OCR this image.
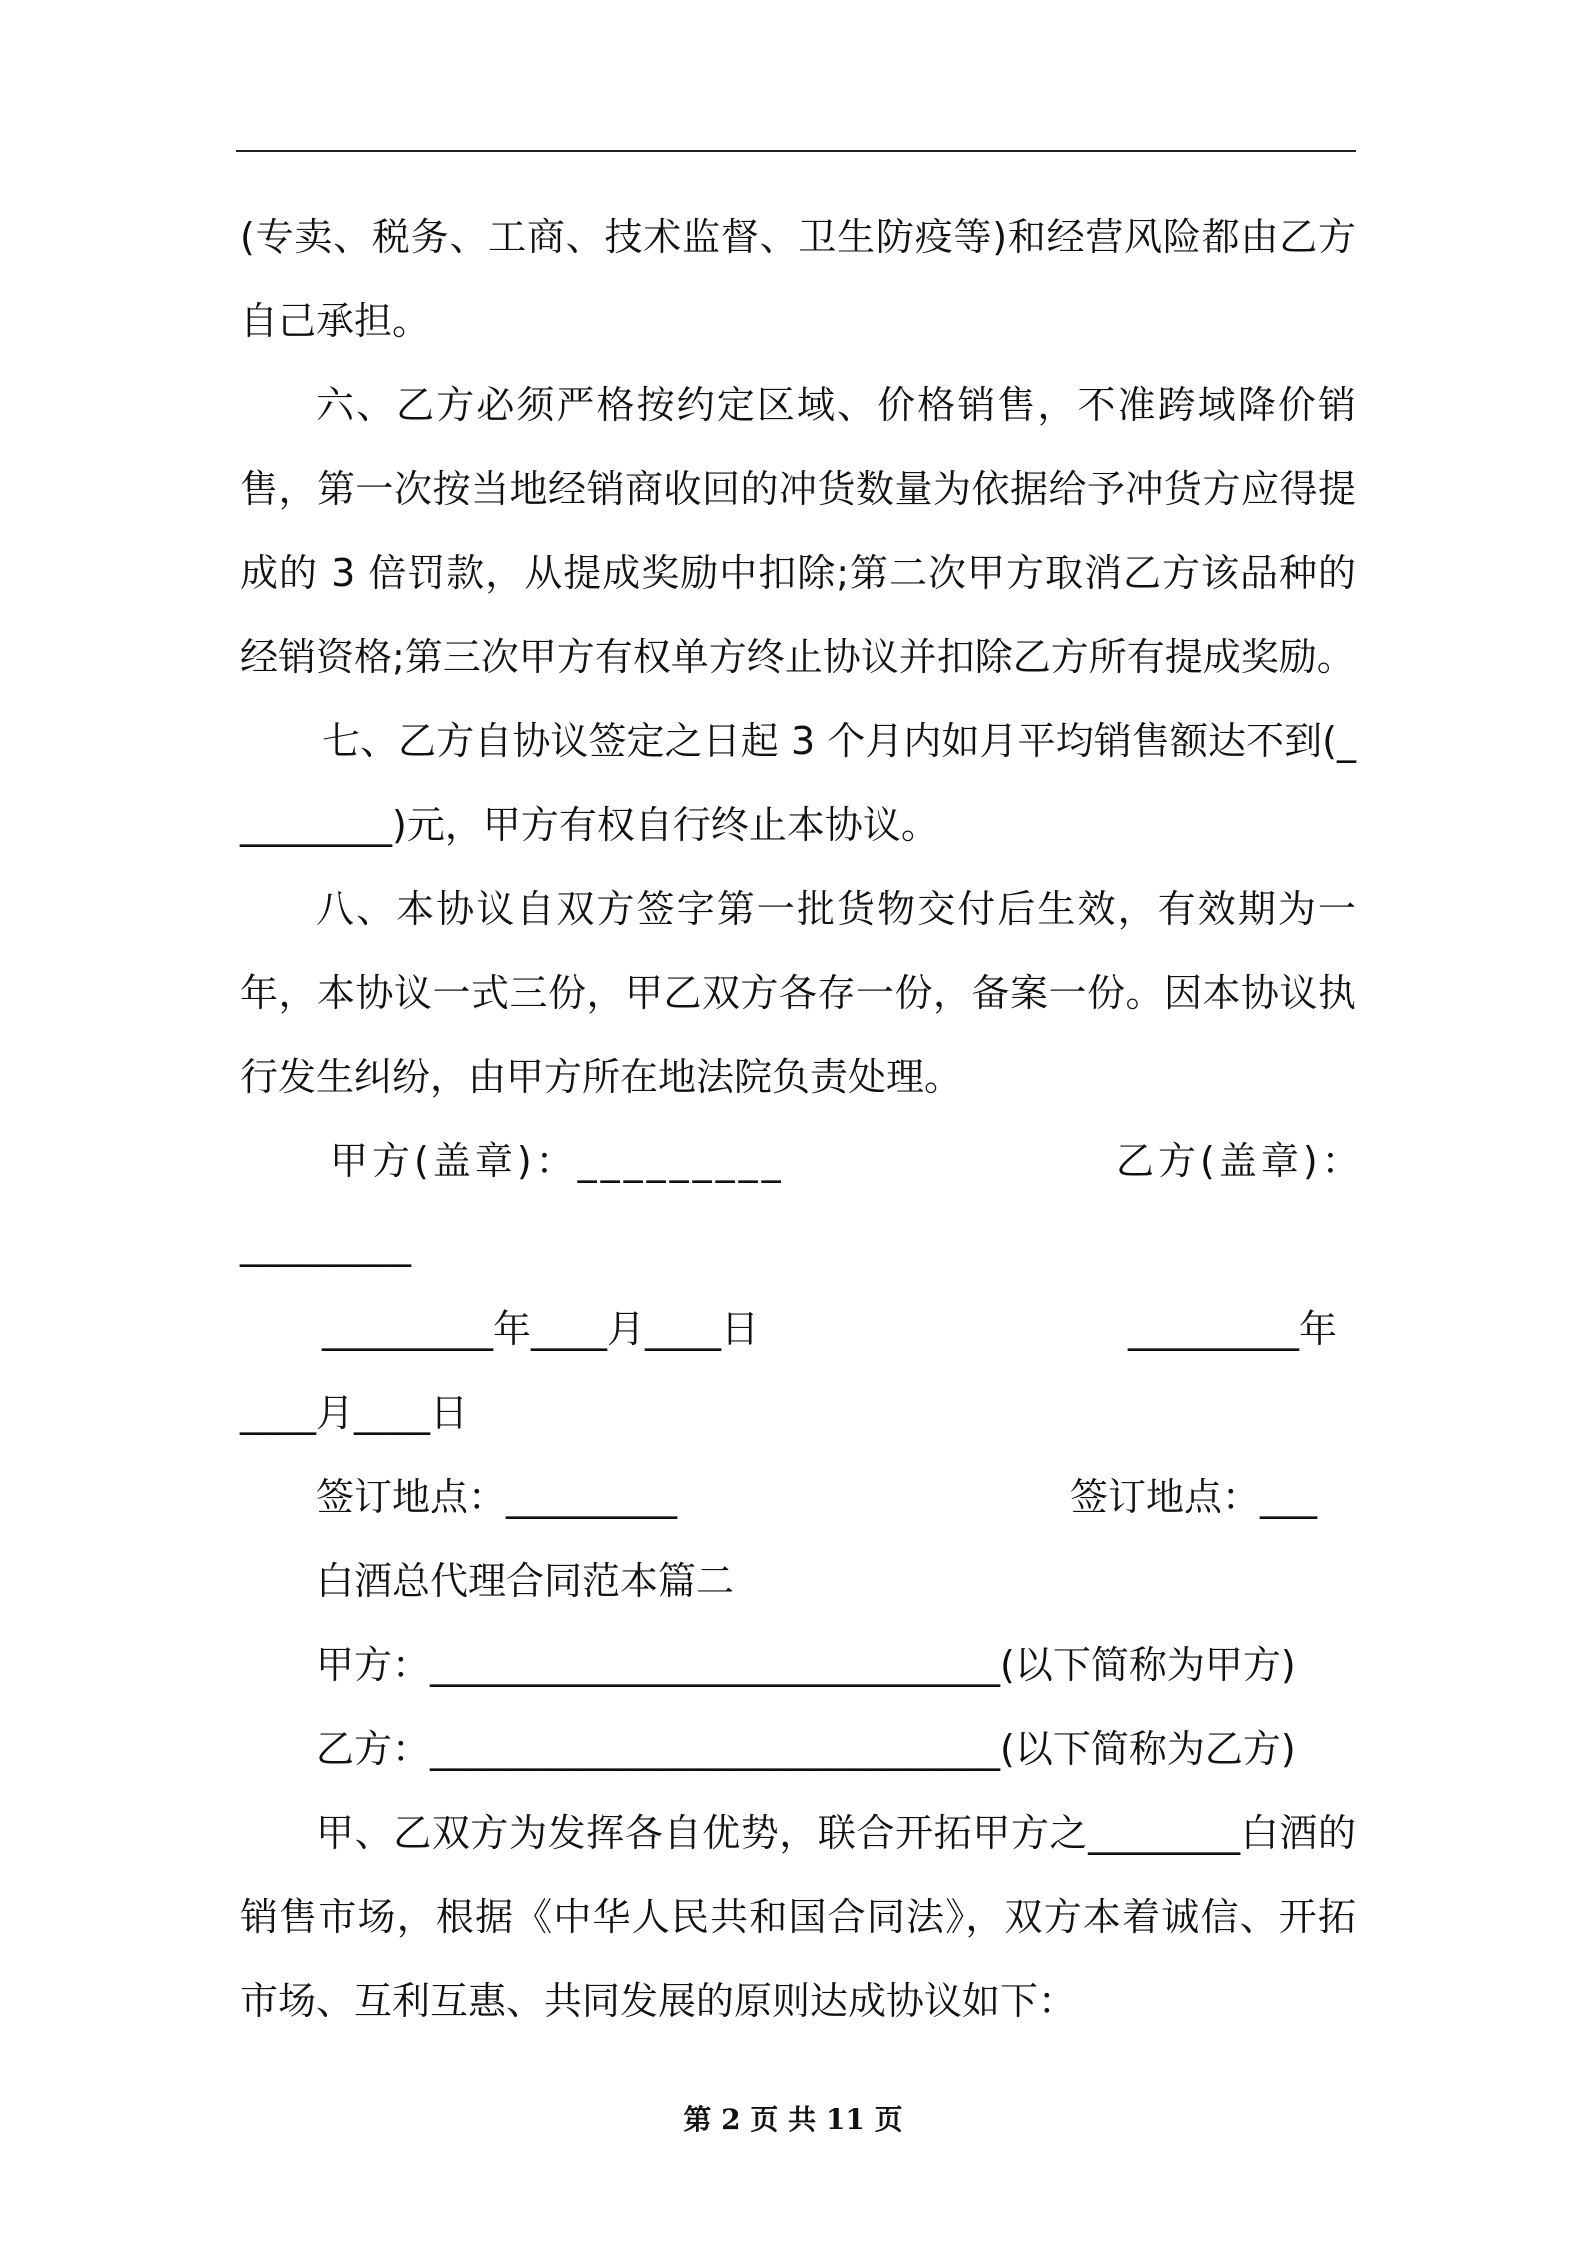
(专卖、税务、工商、技术监督、卫生防疫等)和经营风险都由乙方自己承担。

六、乙方必须严格按约定区域、价格销售，不准跨域降价销售，第一次按当地经销商收回的冲货数量为依据给予冲货方应得提成的 3 倍罚款，从提成奖励中扣除;第二次甲方取消乙方该品种的经销资格;第三次甲方有权单方终止协议并扣除乙方所有提成奖励。

七、乙方自协议签定之日起 3 个月内如月平均销售额达不到(_________)元，甲方有权自行终止本协议。

八、本协议自双方签字第一批货物交付后生效，有效期为一年，本协议一式三份，甲乙双方各存一份，备案一份。因本协议执行发生纠纷，由甲方所在地法院负责处理。

甲方(盖章)：_________	乙方(盖章)：
_________
_________年____月____日	_________年
____月____日
签订地点：_________	签订地点：___

白酒总代理合同范本篇二

甲方：______________________________(以下简称为甲方)

乙方：______________________________(以下简称为乙方)

甲、乙双方为发挥各自优势，联合开拓甲方之________白酒的销售市场，根据《中华人民共和国合同法》，双方本着诚信、开拓市场、互利互惠、共同发展的原则达成协议如下：

第 2 页 共 11 页
